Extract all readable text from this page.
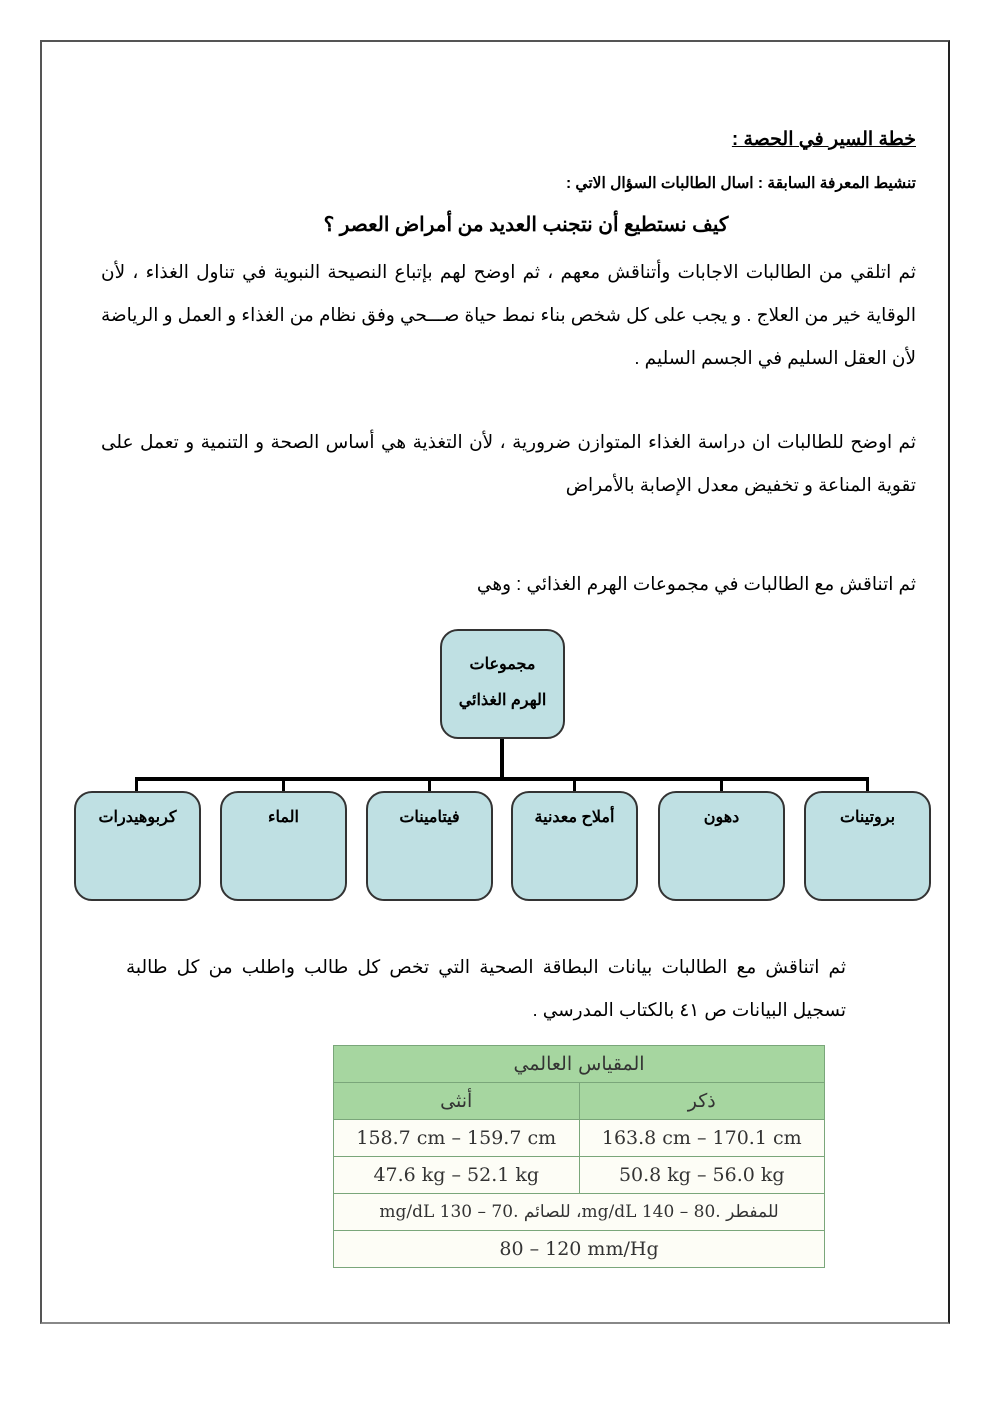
خطة السير في الحصة :
تنشيط المعرفة السابقة : اسال الطالبات السؤال الاتي :
كيف نستطيع أن نتجنب العديد من أمراض العصر ؟
ثم اتلقي من الطالبات الاجابات وأتناقش معهم ، ثم اوضح لهم بإتباع النصيحة النبوية في تناول الغذاء ، لأن الوقاية خير من العلاج . و يجب على كل شخص بناء نمط حياة صـــحي وفق نظام من الغذاء و العمل و الرياضة لأن العقل السليم في الجسم السليم .
ثم اوضح للطالبات ان دراسة الغذاء المتوازن ضرورية ، لأن التغذية هي أساس الصحة و التنمية و تعمل على تقوية المناعة و تخفيض معدل الإصابة بالأمراض
ثم اتناقش مع الطالبات في مجموعات الهرم الغذائي : وهي
مجموعات
الهرم الغذائي
بروتينات
دهون
أملاح معدنية
فيتامينات
الماء
كربوهيدرات
ثم اتناقش مع الطالبات بيانات البطاقة الصحية التي تخص كل طالب واطلب من كل طالبة تسجيل البيانات ص ٤١ بالكتاب المدرسي .
المقياس العالمي	
أنثى	ذكر
158.7 cm – 159.7 cm	163.8 cm – 170.1 cm
47.6 kg – 52.1 kg	50.8 kg – 56.0 kg
للمفطر .80 – 140 mg/dL، للصائم .70 – 130 mg/dL	
80 – 120 mm/Hg	
